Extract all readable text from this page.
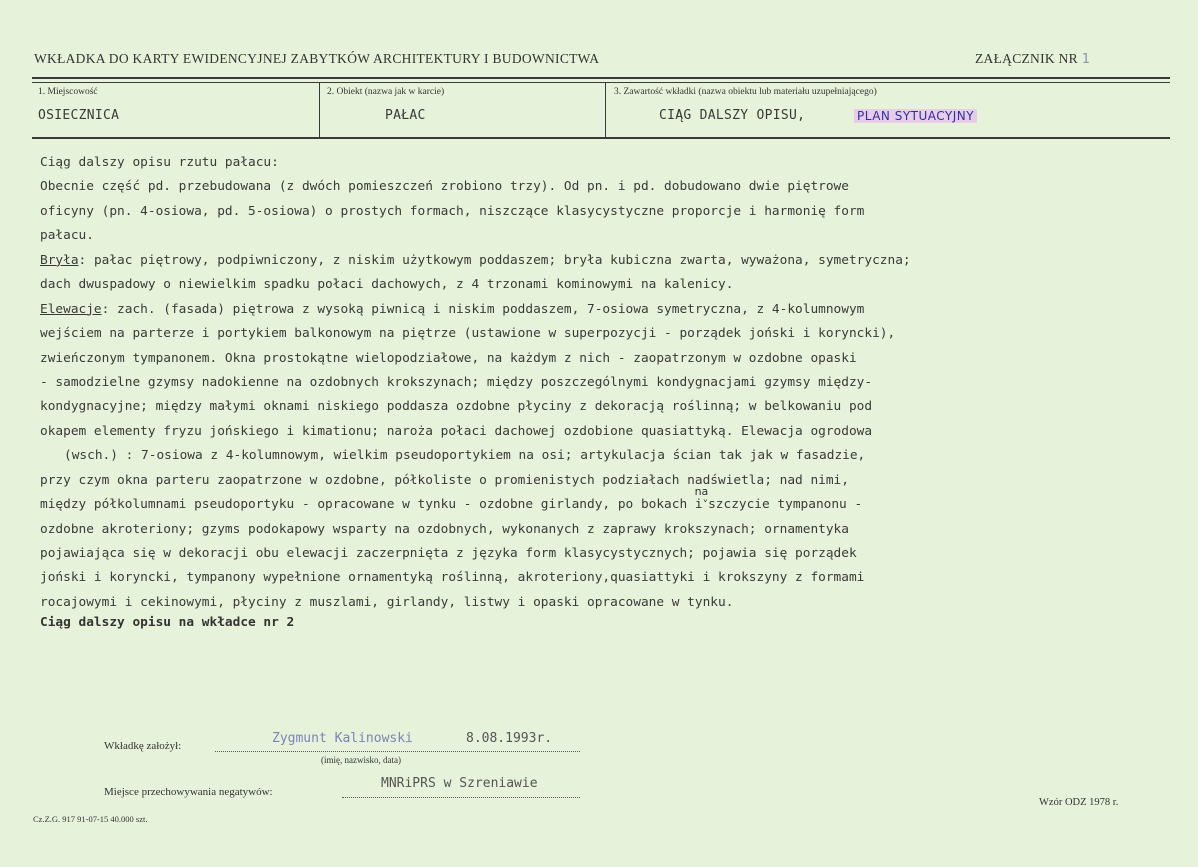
WKŁADKA DO KARTY EWIDENCYJNEJ ZABYTKÓW ARCHITEKTURY I BUDOWNICTWA	ZAŁĄCZNIK NR 1
1. Miejscowość	2. Obiekt (nazwa jak w karcie)	3. Zawartość wkładki (nazwa obiektu lub materiału uzupełniającego)
OSIECZNICA	PAŁAC	CIĄG DALSZY OPISU,	PLAN SYTUACYJNY
Ciąg dalszy opisu rzutu pałacu:
Obecnie część pd. przebudowana (z dwóch pomieszczeń zrobiono trzy). Od pn. i pd. dobudowano dwie piętrowe
oficyny (pn. 4-osiowa, pd. 5-osiowa) o prostych formach, niszczące klasycystyczne proporcje i harmonię form
pałacu.
Bryła: pałac piętrowy, podpiwniczony, z niskim użytkowym poddaszem; bryła kubiczna zwarta, wyważona, symetryczna;
dach dwuspadowy o niewielkim spadku połaci dachowych, z 4 trzonami kominowymi na kalenicy.
Elewacje: zach. (fasada) piętrowa z wysoką piwnicą i niskim poddaszem, 7-osiowa symetryczna, z 4-kolumnowym
wejściem na parterze i portykiem balkonowym na piętrze (ustawione w superpozycji - porządek joński i koryncki),
zwieńczonym tympanonem. Okna prostokątne wielopodziałowe, na każdym z nich - zaopatrzonym w ozdobne opaski
- samodzielne gzymsy nadokienne na ozdobnych krokszynach; między poszczególnymi kondygnacjami gzymsy między-
kondygnacyjne; między małymi oknami niskiego poddasza ozdobne płyciny z dekoracją roślinną; w belkowaniu pod
okapem elementy fryzu jońskiego i kimationu; naroża połaci dachowej ozdobione quasiattyką. Elewacja ogrodowa
(wsch.) : 7-osiowa z 4-kolumnowym, wielkim pseudoportykiem na osi; artykulacja ścian tak jak w fasadzie,
przy czym okna parteru zaopatrzone w ozdobne, półkoliste o promienistych podziałach nadświetla; nad nimi,
między półkolumnami pseudoportyku - opracowane w tynku - ozdobne girlandy, po bokach i
na
˅szczycie tympanonu -
ozdobne akroteriony; gzyms podokapowy wsparty na ozdobnych, wykonanych z zaprawy krokszynach; ornamentyka
pojawiająca się w dekoracji obu elewacji zaczerpnięta z języka form klasycystycznych; pojawia się porządek
joński i koryncki, tympanony wypełnione ornamentyką roślinną, akroteriony,quasiattyki i krokszyny z formami
rocajowymi i cekinowymi, płyciny z muszlami, girlandy, listwy i opaski opracowane w tynku.
Ciąg dalszy opisu na wkładce nr 2
Wkładkę założył:	Zygmunt Kalinowski	8.08.1993r.
(imię, nazwisko, data)
Miejsce przechowywania negatywów:
MNRiPRS w Szreniawie
Wzór ODZ 1978 r.
Cz.Z.G. 917 91-07-15 40.000 szt.
